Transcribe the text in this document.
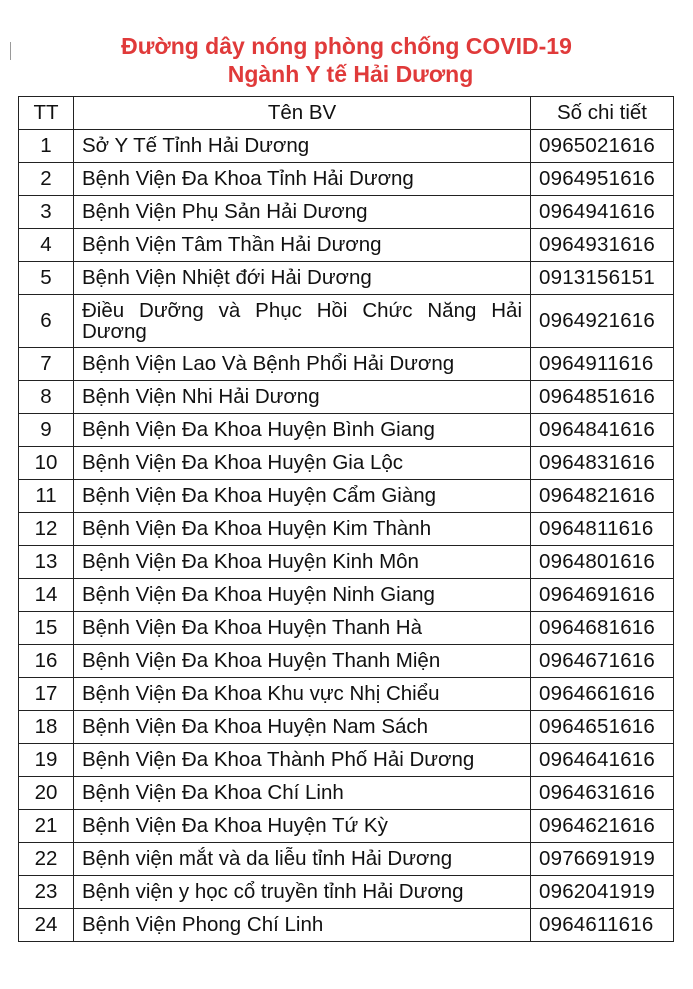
Đường dây nóng phòng chống COVID-19
Ngành Y tế Hải Dương
TT	Tên BV	Số chi tiết
1	Sở Y Tế Tỉnh Hải Dương	0965021616
2	Bệnh Viện Đa Khoa Tỉnh Hải Dương	0964951616
3	Bệnh Viện Phụ Sản Hải Dương	0964941616
4	Bệnh Viện Tâm Thần Hải Dương	0964931616
5	Bệnh Viện Nhiệt đới Hải Dương	0913156151
6	Điều Dưỡng và Phục Hồi Chức Năng Hải Dương	0964921616
7	Bệnh Viện Lao Và Bệnh Phổi Hải Dương	0964911616
8	Bệnh Viện Nhi Hải Dương	0964851616
9	Bệnh Viện Đa Khoa Huyện Bình Giang	0964841616
10	Bệnh Viện Đa Khoa Huyện Gia Lộc	0964831616
11	Bệnh Viện Đa Khoa Huyện Cẩm Giàng	0964821616
12	Bệnh Viện Đa Khoa Huyện Kim Thành	0964811616
13	Bệnh Viện Đa Khoa Huyện Kinh Môn	0964801616
14	Bệnh Viện Đa Khoa Huyện Ninh Giang	0964691616
15	Bệnh Viện Đa Khoa Huyện Thanh Hà	0964681616
16	Bệnh Viện Đa Khoa Huyện Thanh Miện	0964671616
17	Bệnh Viện Đa Khoa Khu vực Nhị Chiểu	0964661616
18	Bệnh Viện Đa Khoa Huyện Nam Sách	0964651616
19	Bệnh Viện Đa Khoa Thành Phố Hải Dương	0964641616
20	Bệnh Viện Đa Khoa Chí Linh	0964631616
21	Bệnh Viện Đa Khoa Huyện Tứ Kỳ	0964621616
22	Bệnh viện mắt và da liễu tỉnh Hải Dương	0976691919
23	Bệnh viện y học cổ truyền tỉnh Hải Dương	0962041919
24	Bệnh Viện Phong Chí Linh	0964611616
